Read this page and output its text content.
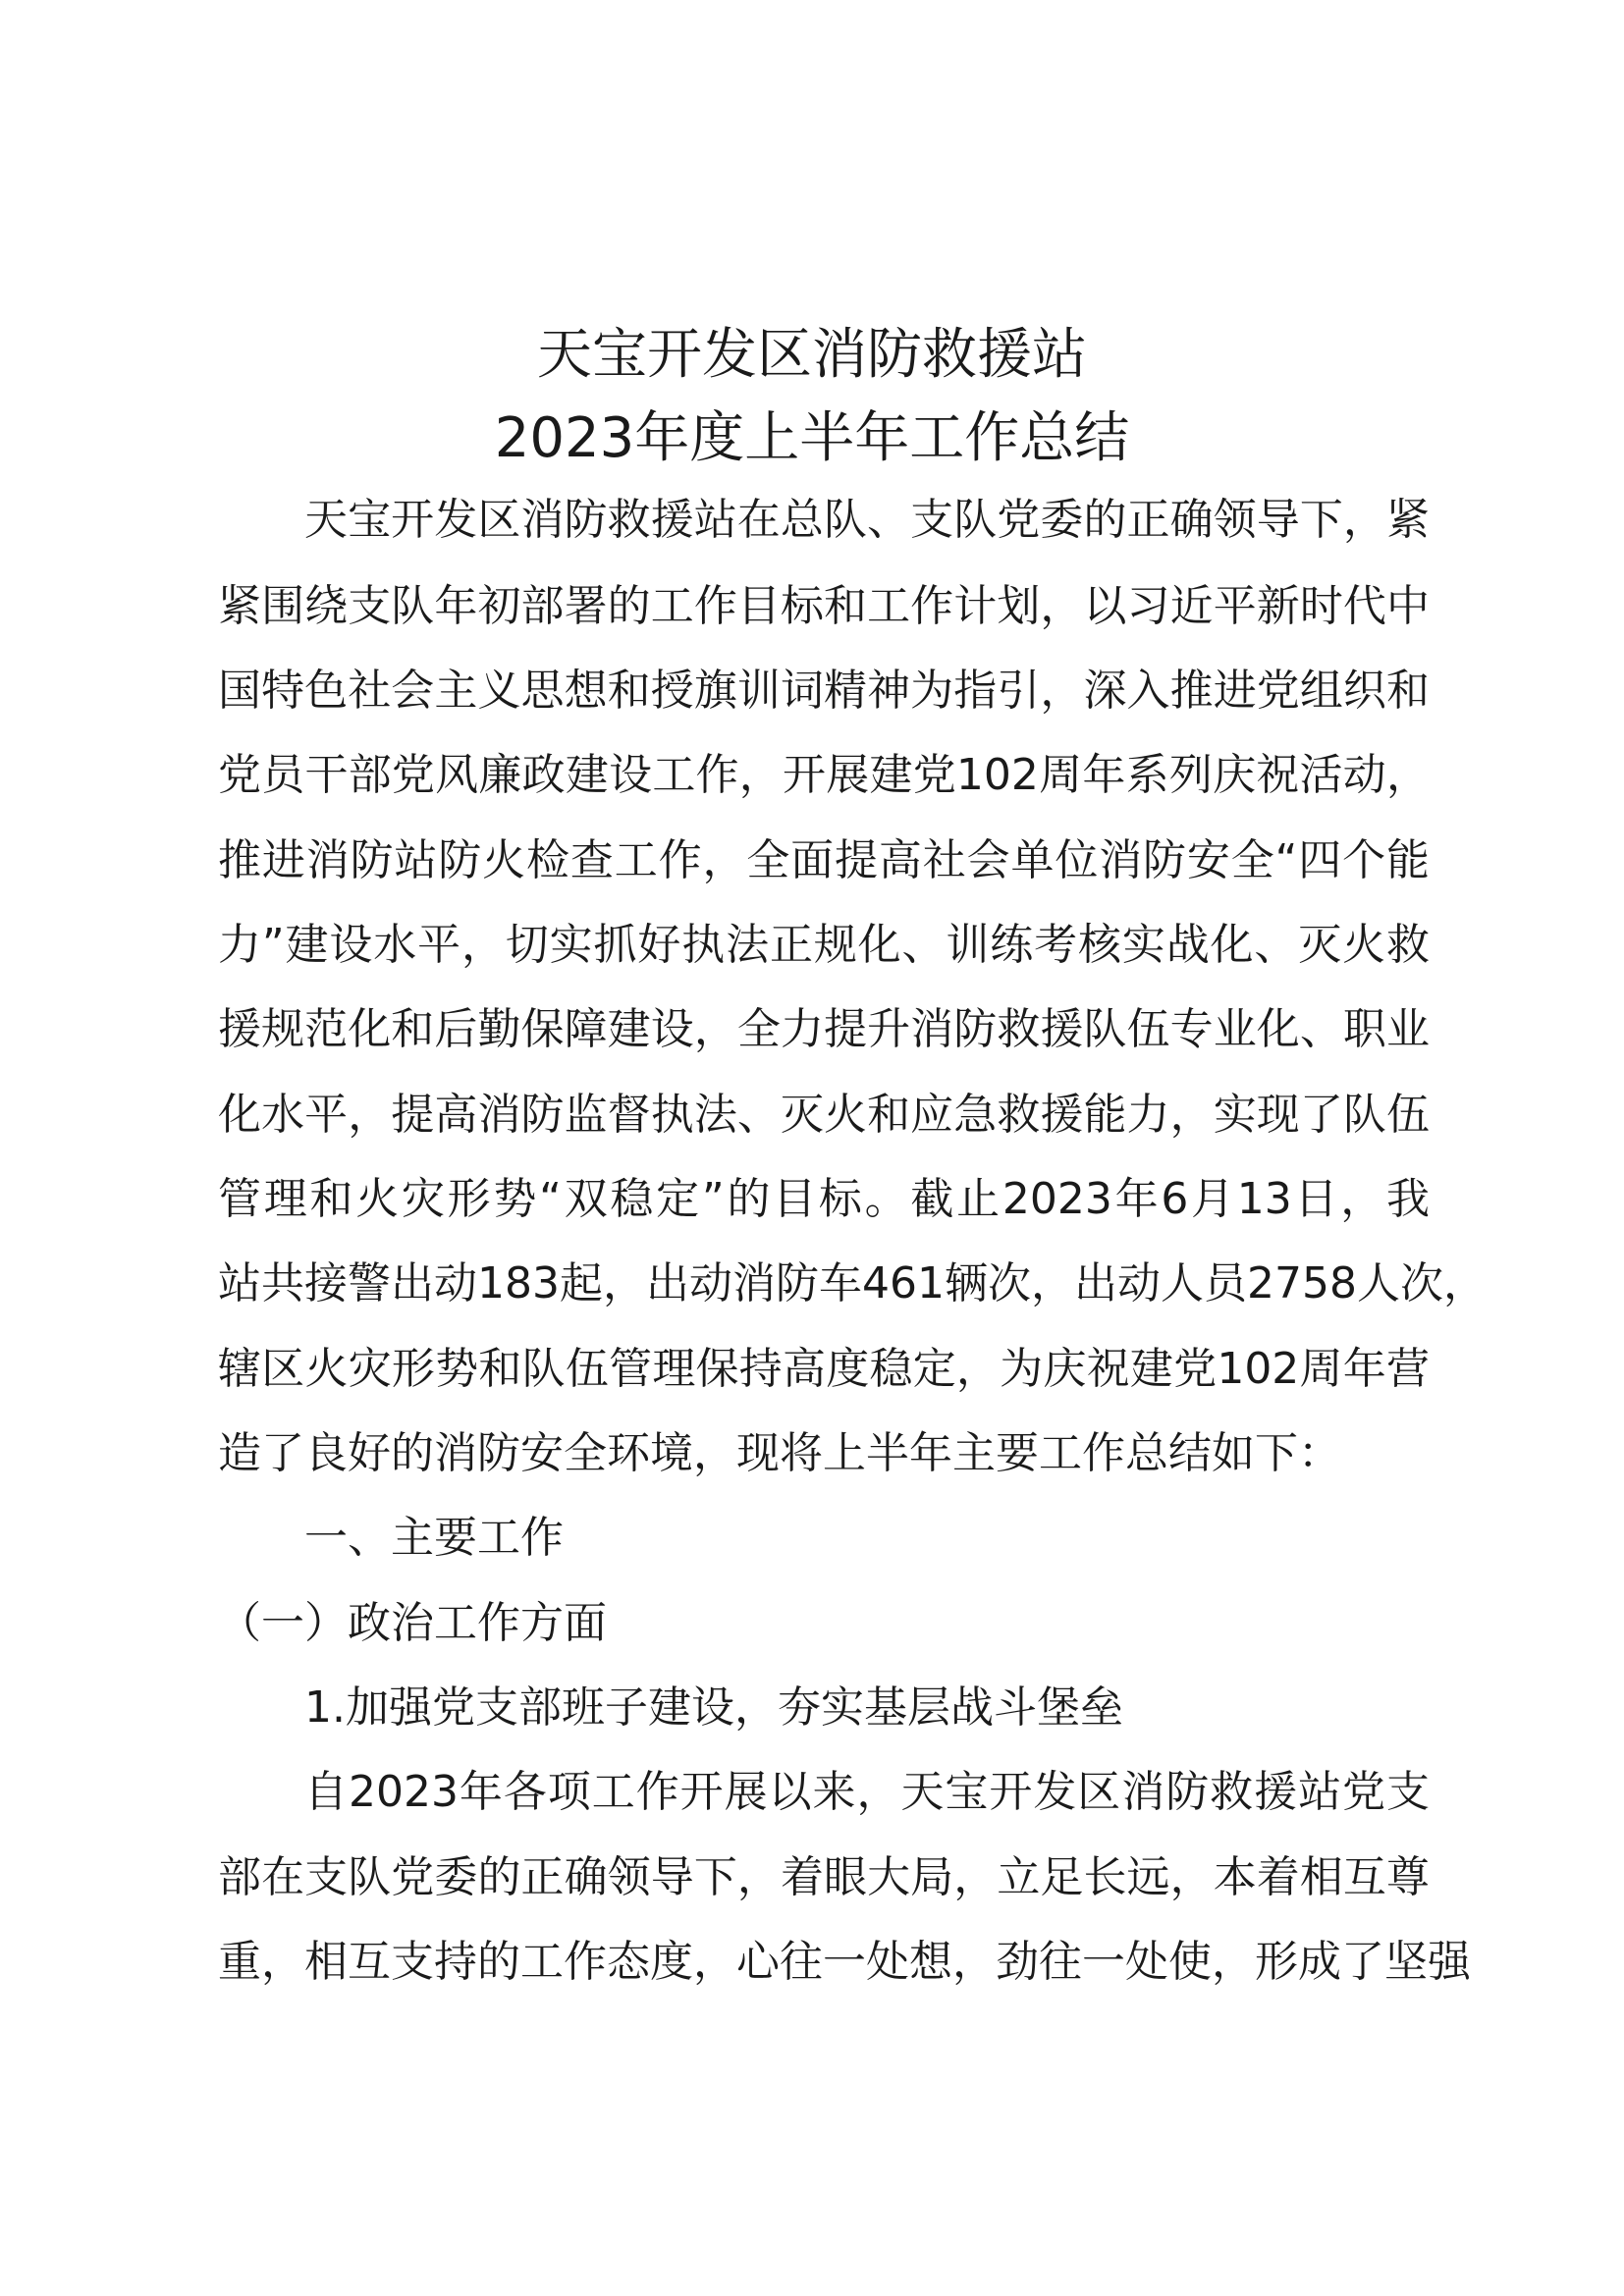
天宝开发区消防救援站
2023年度上半年工作总结
天宝开发区消防救援站在总队、支队党委的正确领导下，紧
紧围绕支队年初部署的工作目标和工作计划，以习近平新时代中
国特色社会主义思想和授旗训词精神为指引，深入推进党组织和
党员干部党风廉政建设工作，开展建党102周年系列庆祝活动，
推进消防站防火检查工作，全面提高社会单位消防安全“四个能
力”建设水平，切实抓好执法正规化、训练考核实战化、灭火救
援规范化和后勤保障建设，全力提升消防救援队伍专业化、职业
化水平，提高消防监督执法、灭火和应急救援能力，实现了队伍
管理和火灾形势“双稳定”的目标。截止2023年6月13日，我
站共接警出动183起，出动消防车461辆次，出动人员2758人次，
辖区火灾形势和队伍管理保持高度稳定，为庆祝建党102周年营
造了良好的消防安全环境，现将上半年主要工作总结如下：
一、主要工作
（一）政治工作方面
1.加强党支部班子建设，夯实基层战斗堡垒
自2023年各项工作开展以来，天宝开发区消防救援站党支
部在支队党委的正确领导下，着眼大局，立足长远，本着相互尊
重，相互支持的工作态度，心往一处想，劲往一处使，形成了坚强
